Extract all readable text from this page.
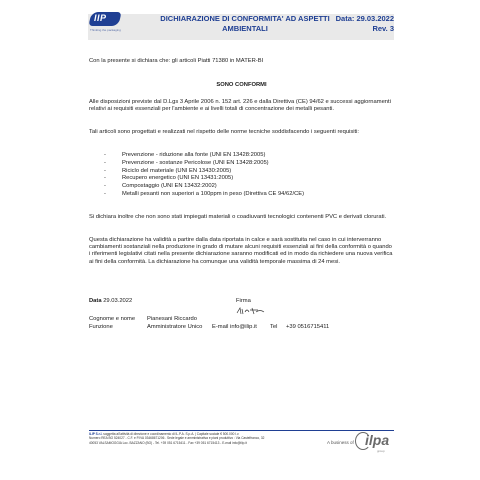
IIP
Thinking the packaging
DICHIARAZIONE DI CONFORMITA' AD ASPETTI
AMBIENTALI
Data: 29.03.2022
Rev. 3

Con la presente si dichiara che: gli articoli Piatti 71380 in MATER-BI

SONO CONFORMI

Alle disposizioni previste dal D.Lgs 3 Aprile 2006 n. 152 art. 226 e dalla Direttiva (CE) 94/62 e successi aggiornamenti relativi ai requisiti essenziali per l'ambiente e ai livelli totali di concentrazione dei metalli pesanti.

Tali articoli sono progettati e realizzati nel rispetto delle norme tecniche soddisfacendo i seguenti requisiti:

-	Prevenzione - riduzione alla fonte (UNI EN 13428:2005)
-	Prevenzione - sostanze Pericolose (UNI EN 13428:2005)
-	Riciclo del materiale (UNI EN 13430:2005)
-	Recupero energetico (UNI EN 13431:2005)
-	Compostaggio (UNI EN 13432:2002)
-	Metalli pesanti non superiori a 100ppm in peso (Direttiva CE 94/62/CE)

Si dichiara inoltre che non sono stati impiegati materiali o coadiuvanti tecnologici contenenti PVC e derivati clorurati.

Questa dichiarazione ha validità a partire dalla data riportata in calce e sarà sostituita nel caso in cui interverranno cambiamenti sostanziali nella produzione in grado di mutare alcuni requisiti essenziali ai fini della conformità o quando i riferimenti legislativi citati nella presente dichiarazione saranno modificati ed in modo da richiedere una nuova verifica ai fini della conformità. La dichiarazione ha comunque una validità temporale massima di 24 mesi.

Data 29.03.2022	Firma
Cognome e nome Pianesani Riccardo
Funzione	Amministratore Unico E-mail info@ilip.it Tel +39 0516715411
ILIP S.r.l. soggetta all'attività di direzione e coordinamento di IL.P.A. S.p.A. | Capitale sociale € 500.000 I.v.
Numero REA BO 524027 - C.F. e P.IVA 03468671206 . Sede legale e amministrativa e piani produttivo : Via Castelfranco, 32
40053 VALSAMOGGIA Loc. BAZZANO (BO) - Tel. +39 051 6715411 - Fax +39 051 6715413 - E-mail info@ilip.it	A business of ilpa
group
